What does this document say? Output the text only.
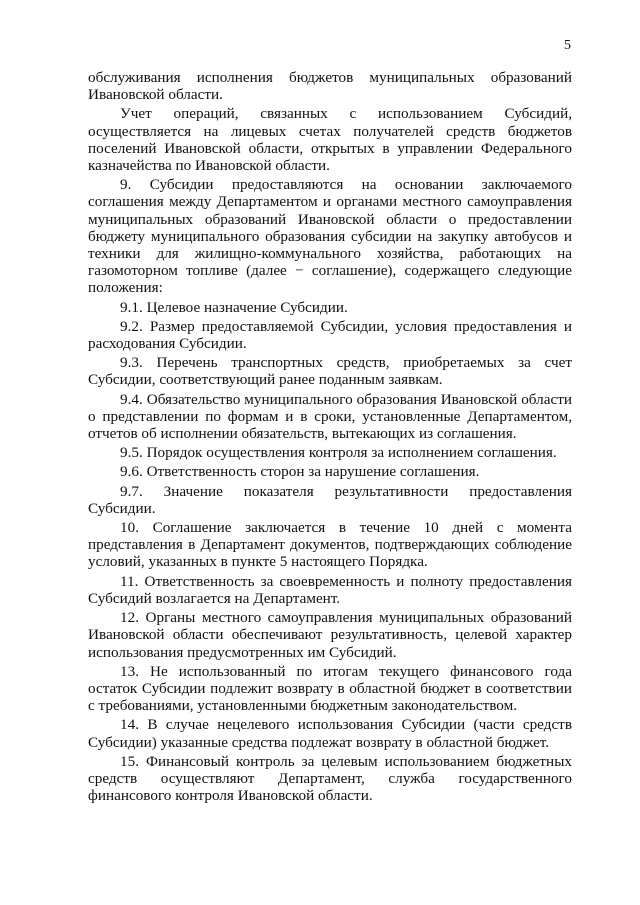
5

обслуживания исполнения бюджетов муниципальных образований Ивановской области.

Учет операций, связанных с использованием Субсидий, осуществляется на лицевых счетах получателей средств бюджетов поселений Ивановской области, открытых в управлении Федерального казначейства по Ивановской области.

9. Субсидии предоставляются на основании заключаемого соглашения между Департаментом и органами местного самоуправления муниципальных образований Ивановской области о предоставлении бюджету муниципального образования субсидии на закупку автобусов и техники для жилищно-коммунального хозяйства, работающих на газомоторном топливе (далее − соглашение), содержащего следующие положения:

9.1. Целевое назначение Субсидии.

9.2. Размер предоставляемой Субсидии, условия предоставления и расходования Субсидии.

9.3. Перечень транспортных средств, приобретаемых за счет Субсидии, соответствующий ранее поданным заявкам.

9.4. Обязательство муниципального образования Ивановской области о представлении по формам и в сроки, установленные Департаментом, отчетов об исполнении обязательств, вытекающих из соглашения.

9.5. Порядок осуществления контроля за исполнением соглашения.

9.6. Ответственность сторон за нарушение соглашения.

9.7. Значение показателя результативности предоставления Субсидии.

10. Соглашение заключается в течение 10 дней с момента представления в Департамент документов, подтверждающих соблюдение условий, указанных в пункте 5 настоящего Порядка.

11. Ответственность за своевременность и полноту предоставления Субсидий возлагается на Департамент.

12. Органы местного самоуправления муниципальных образований Ивановской области обеспечивают результативность, целевой характер использования предусмотренных им Субсидий.

13. Не использованный по итогам текущего финансового года остаток Субсидии подлежит возврату в областной бюджет в соответствии с требованиями, установленными бюджетным законодательством.

14. В случае нецелевого использования Субсидии (части средств Субсидии) указанные средства подлежат возврату в областной бюджет.

15. Финансовый контроль за целевым использованием бюджетных средств осуществляют Департамент, служба государственного финансового контроля Ивановской области.
